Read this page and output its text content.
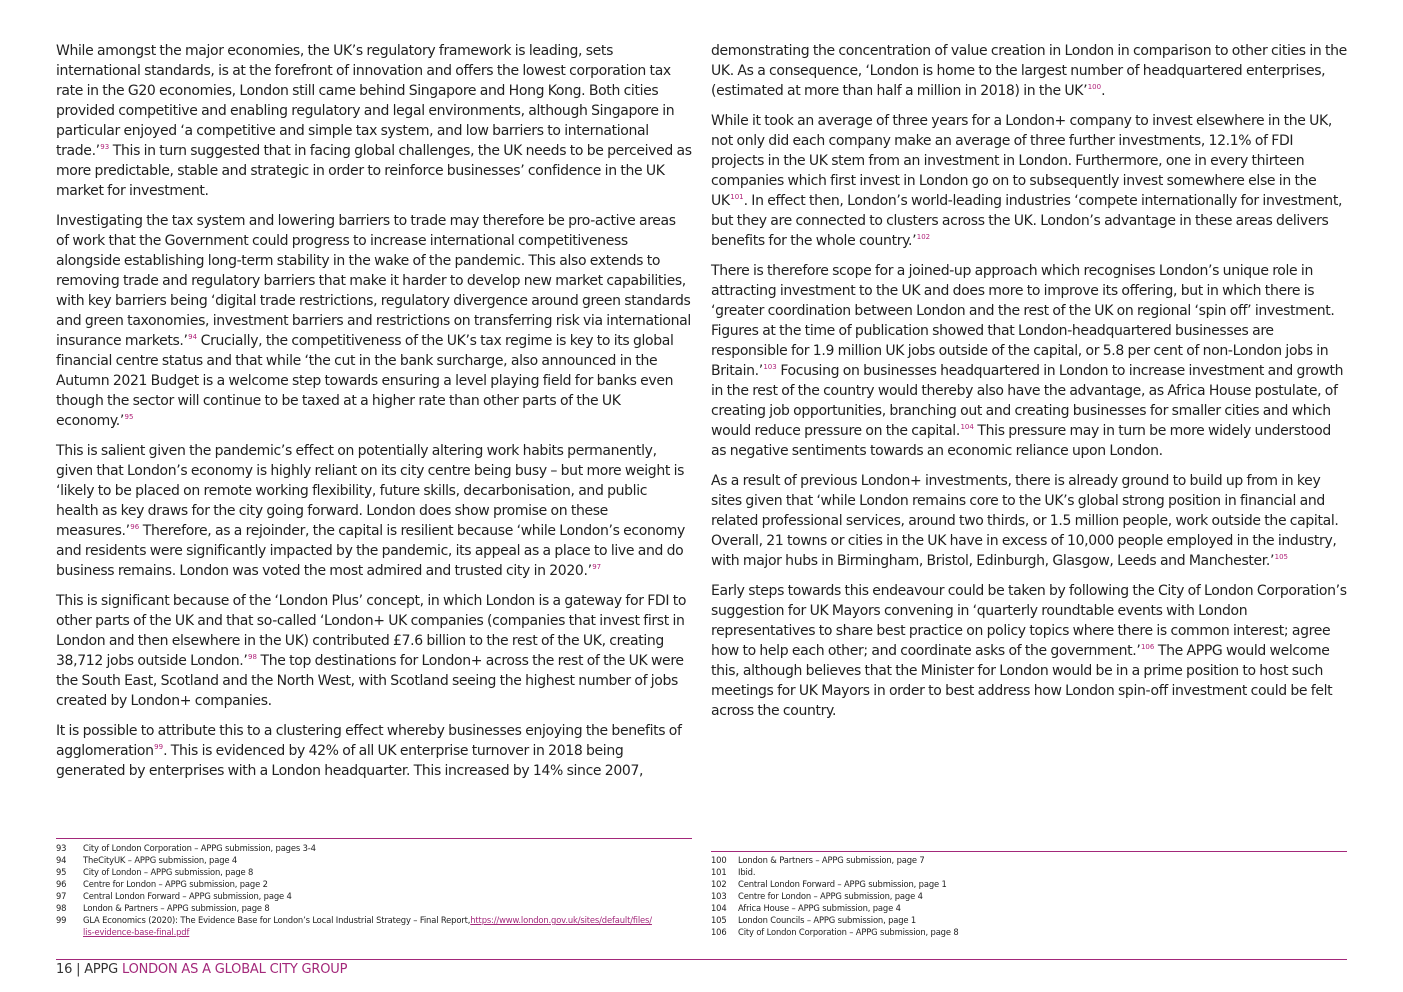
While amongst the major economies, the UK’s regulatory framework is leading, sets international standards, is at the forefront of innovation and offers the lowest corporation tax rate in the G20 economies, London still came behind Singapore and Hong Kong. Both cities provided competitive and enabling regulatory and legal environments, although Singapore in particular enjoyed ‘a competitive and simple tax system, and low barriers to international trade.’$^{93}$ This in turn suggested that in facing global challenges, the UK needs to be perceived as more predictable, stable and strategic in order to reinforce businesses’ confidence in the UK market for investment.

Investigating the tax system and lowering barriers to trade may therefore be pro-active areas of work that the Government could progress to increase international competitiveness alongside establishing long-term stability in the wake of the pandemic. This also extends to removing trade and regulatory barriers that make it harder to develop new market capabilities, with key barriers being ‘digital trade restrictions, regulatory divergence around green standards and green taxonomies, investment barriers and restrictions on transferring risk via international insurance markets.’$^{94}$ Crucially, the competitiveness of the UK’s tax regime is key to its global financial centre status and that while ‘the cut in the bank surcharge, also announced in the Autumn 2021 Budget is a welcome step towards ensuring a level playing field for banks even though the sector will continue to be taxed at a higher rate than other parts of the UK economy.’$^{95}$

This is salient given the pandemic’s effect on potentially altering work habits permanently, given that London’s economy is highly reliant on its city centre being busy – but more weight is ‘likely to be placed on remote working flexibility, future skills, decarbonisation, and public health as key draws for the city going forward. London does show promise on these measures.’$^{96}$ Therefore, as a rejoinder, the capital is resilient because ‘while London’s economy and residents were significantly impacted by the pandemic, its appeal as a place to live and do business remains. London was voted the most admired and trusted city in 2020.’$^{97}$

This is significant because of the ‘London Plus’ concept, in which London is a gateway for FDI to other parts of the UK and that so-called ‘London+ UK companies (companies that invest first in London and then elsewhere in the UK) contributed £7.6 billion to the rest of the UK, creating 38,712 jobs outside London.’$^{98}$ The top destinations for London+ across the rest of the UK were the South East, Scotland and the North West, with Scotland seeing the highest number of jobs created by London+ companies.

It is possible to attribute this to a clustering effect whereby businesses enjoying the benefits of agglomeration$^{99}$. This is evidenced by 42% of all UK enterprise turnover in 2018 being generated by enterprises with a London headquarter. This increased by 14% since 2007,

demonstrating the concentration of value creation in London in comparison to other cities in the UK. As a consequence, ‘London is home to the largest number of headquartered enterprises, (estimated at more than half a million in 2018) in the UK’$^{100}$.

While it took an average of three years for a London+ company to invest elsewhere in the UK, not only did each company make an average of three further investments, 12.1% of FDI projects in the UK stem from an investment in London. Furthermore, one in every thirteen companies which first invest in London go on to subsequently invest somewhere else in the UK$^{101}$. In effect then, London’s world-leading industries ‘compete internationally for investment, but they are connected to clusters across the UK. London’s advantage in these areas delivers benefits for the whole country.’$^{102}$

There is therefore scope for a joined-up approach which recognises London’s unique role in attracting investment to the UK and does more to improve its offering, but in which there is ‘greater coordination between London and the rest of the UK on regional ‘spin off’ investment. Figures at the time of publication showed that London-headquartered businesses are responsible for 1.9 million UK jobs outside of the capital, or 5.8 per cent of non-London jobs in Britain.’$^{103}$ Focusing on businesses headquartered in London to increase investment and growth in the rest of the country would thereby also have the advantage, as Africa House postulate, of creating job opportunities, branching out and creating businesses for smaller cities and which would reduce pressure on the capital.$^{104}$ This pressure may in turn be more widely understood as negative sentiments towards an economic reliance upon London.

As a result of previous London+ investments, there is already ground to build up from in key sites given that ‘while London remains core to the UK’s global strong position in financial and related professional services, around two thirds, or 1.5 million people, work outside the capital. Overall, 21 towns or cities in the UK have in excess of 10,000 people employed in the industry, with major hubs in Birmingham, Bristol, Edinburgh, Glasgow, Leeds and Manchester.’$^{105}$

Early steps towards this endeavour could be taken by following the City of London Corporation’s suggestion for UK Mayors convening in ‘quarterly roundtable events with London representatives to share best practice on policy topics where there is common interest; agree how to help each other; and coordinate asks of the government.’$^{106}$ The APPG would welcome this, although believes that the Minister for London would be in a prime position to host such meetings for UK Mayors in order to best address how London spin-off investment could be felt across the country.

93	City of London Corporation – APPG submission, pages 3-4
94	TheCityUK – APPG submission, page 4
95	City of London – APPG submission, page 8
96	Centre for London – APPG submission, page 2
97	Central London Forward – APPG submission, page 4
98	London & Partners – APPG submission, page 8
99	GLA Economics (2020): The Evidence Base for London’s Local Industrial Strategy – Final Report, https://www.london.gov.uk/sites/default/files/
lis-evidence-base-final.pdf
100	London & Partners – APPG submission, page 7
101	Ibid.
102	Central London Forward – APPG submission, page 1
103	Centre for London – APPG submission, page 4
104	Africa House – APPG submission, page 4
105	London Councils – APPG submission, page 1
106	City of London Corporation – APPG submission, page 8
16 | APPG LONDON AS A GLOBAL CITY GROUP
